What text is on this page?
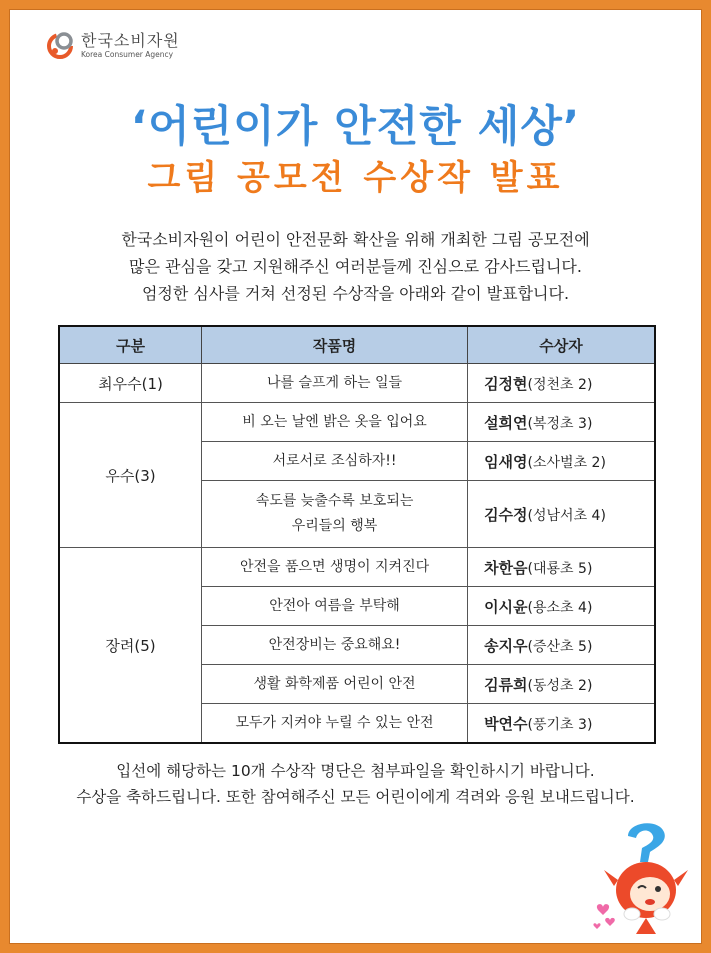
한국소비자원
Korea Consumer Agency
‘어린이가 안전한 세상’
그림 공모전 수상작 발표
한국소비자원이 어린이 안전문화 확산을 위해 개최한 그림 공모전에
많은 관심을 갖고 지원해주신 여러분들께 진심으로 감사드립니다.
엄정한 심사를 거쳐 선정된 수상작을 아래와 같이 발표합니다.
구분	작품명	수상자
최우수(1)	나를 슬프게 하는 일들	김정현(정천초 2)
우수(3)	비 오는 날엔 밝은 옷을 입어요	설희연(복정초 3)
	서로서로 조심하자!!	임새영(소사벌초 2)

	속도를 늦출수록 보호되는
우리들의 행복	김수정(성남서초 4)
장려(5)	안전을 품으면 생명이 지켜진다	차한음(대룡초 5)
	안전아 여름을 부탁해	이시윤(용소초 4)
	안전장비는 중요해요!	송지우(증산초 5)
	생활 화학제품 어린이 안전	김류희(동성초 2)
	모두가 지켜야 누릴 수 있는 안전	박연수(풍기초 3)
입선에 해당하는 10개 수상작 명단은 첨부파일을 확인하시기 바랍니다.
수상을 축하드립니다. 또한 참여해주신 모든 어린이에게 격려와 응원 보내드립니다.
